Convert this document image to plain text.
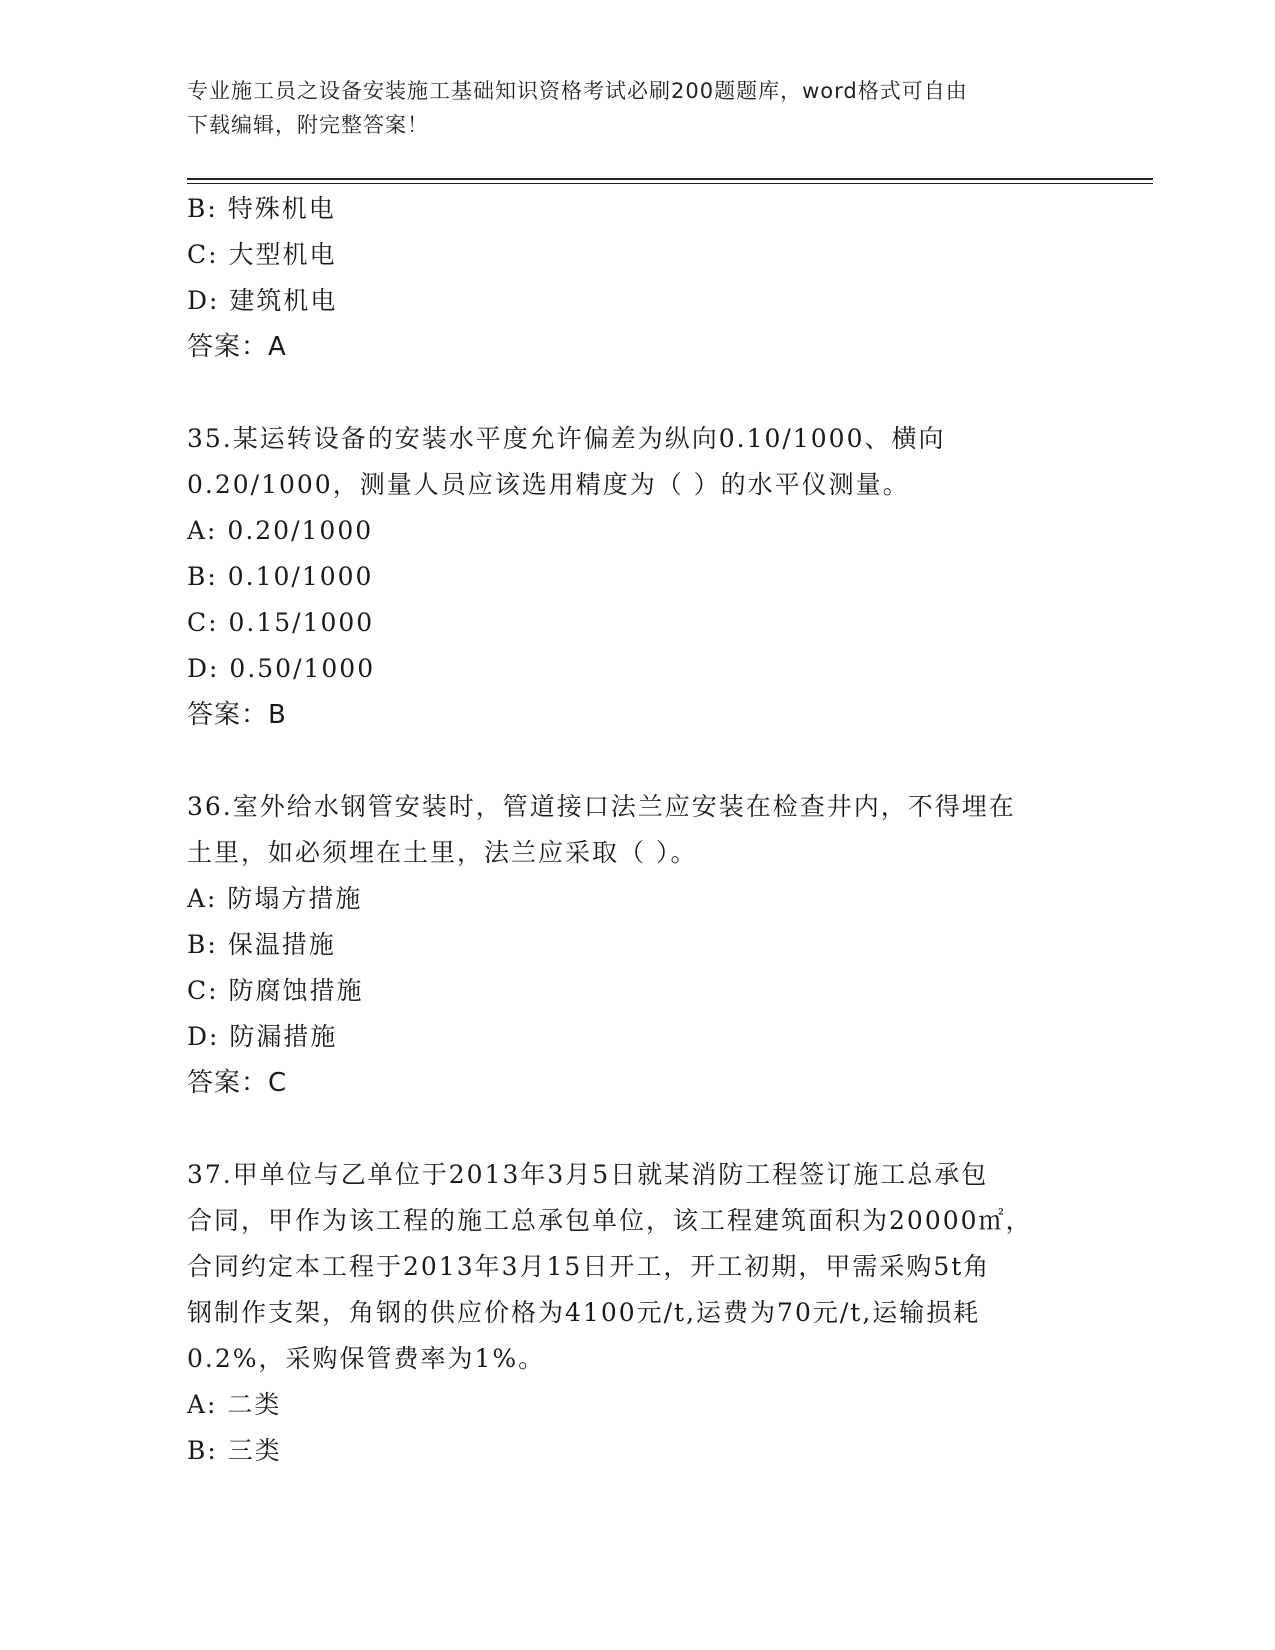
专业施工员之设备安装施工基础知识资格考试必刷200题题库，word格式可自由
下载编辑，附完整答案！
B: 特殊机电
C: 大型机电
D: 建筑机电
答案：A
35.某运转设备的安装水平度允许偏差为纵向0.10/1000、横向
0.20/1000，测量人员应该选用精度为（ ）的水平仪测量。
A: 0.20/1000
B: 0.10/1000
C: 0.15/1000
D: 0.50/1000
答案：B
36.室外给水钢管安装时，管道接口法兰应安装在检查井内，不得埋在
土里，如必须埋在土里，法兰应采取（ ）。
A: 防塌方措施
B: 保温措施
C: 防腐蚀措施
D: 防漏措施
答案：C
37.甲单位与乙单位于2013年3月5日就某消防工程签订施工总承包
合同，甲作为该工程的施工总承包单位，该工程建筑面积为20000㎡，
合同约定本工程于2013年3月15日开工，开工初期，甲需采购5t角
钢制作支架，角钢的供应价格为4100元/t,运费为70元/t,运输损耗
0.2%，采购保管费率为1%。
A: 二类
B: 三类
